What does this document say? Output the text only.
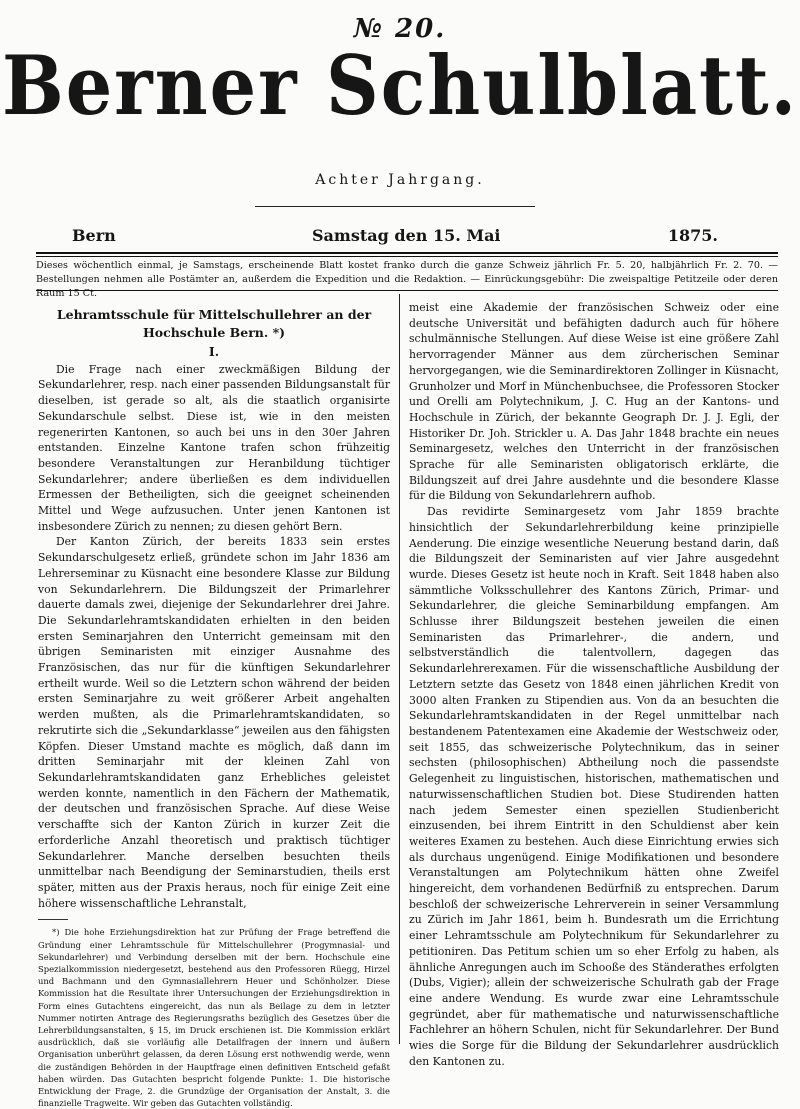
№ 20.
Berner Schulblatt.
Achter Jahrgang.
Bern	Samstag den 15. Mai	1875.
Dieses wöchentlich einmal, je Samstags, erscheinende Blatt kostet franko durch die ganze Schweiz jährlich Fr. 5. 20, halbjährlich Fr. 2. 70. — Bestellungen nehmen alle Postämter an, außerdem die Expedition und die Redaktion. — Einrückungsgebühr: Die zweispaltige Petitzeile oder deren Raum 15 Ct.
Lehramtsschule für Mittelschullehrer an der Hochschule Bern. *)
I.

Die Frage nach einer zweckmäßigen Bildung der Sekundarlehrer, resp. nach einer passenden Bildungsanstalt für dieselben, ist gerade so alt, als die staatlich organisirte Sekundarschule selbst. Diese ist, wie in den meisten regenerirten Kantonen, so auch bei uns in den 30er Jahren entstanden. Einzelne Kantone trafen schon frühzeitig besondere Veranstaltungen zur Heranbildung tüchtiger Sekundarlehrer; andere überließen es dem individuellen Ermessen der Betheiligten, sich die geeignet scheinenden Mittel und Wege aufzusuchen. Unter jenen Kantonen ist insbesondere Zürich zu nennen; zu diesen gehört Bern.

Der Kanton Zürich, der bereits 1833 sein erstes Sekundarschulgesetz erließ, gründete schon im Jahr 1836 am Lehrerseminar zu Küsnacht eine besondere Klasse zur Bildung von Sekundarlehrern. Die Bildungszeit der Primarlehrer dauerte damals zwei, diejenige der Sekundarlehrer drei Jahre. Die Sekundarlehramtskandidaten erhielten in den beiden ersten Seminarjahren den Unterricht gemeinsam mit den übrigen Seminaristen mit einziger Ausnahme des Französischen, das nur für die künftigen Sekundarlehrer ertheilt wurde. Weil so die Letztern schon während der beiden ersten Seminarjahre zu weit größerer Arbeit angehalten werden mußten, als die Primarlehramtskandidaten, so rekrutirte sich die „Sekundarklasse“ jeweilen aus den fähigsten Köpfen. Dieser Umstand machte es möglich, daß dann im dritten Seminarjahr mit der kleinen Zahl von Sekundarlehramtskandidaten ganz Erhebliches geleistet werden konnte, namentlich in den Fächern der Mathematik, der deutschen und französischen Sprache. Auf diese Weise verschaffte sich der Kanton Zürich in kurzer Zeit die erforderliche Anzahl theoretisch und praktisch tüchtiger Sekundarlehrer. Manche derselben besuchten theils unmittelbar nach Beendigung der Seminarstudien, theils erst später, mitten aus der Praxis heraus, noch für einige Zeit eine höhere wissenschaftliche Lehranstalt,

*) Die hohe Erziehungsdirektion hat zur Prüfung der Frage betreffend die Gründung einer Lehramtsschule für Mittelschullehrer (Progymnasial- und Sekundarlehrer) und Verbindung derselben mit der bern. Hochschule eine Spezialkommission niedergesetzt, bestehend aus den Professoren Rüegg, Hirzel und Bachmann und den Gymnasiallehrern Heuer und Schönholzer. Diese Kommission hat die Resultate ihrer Untersuchungen der Erziehungsdirektion in Form eines Gutachtens eingereicht, das nun als Beilage zu dem in letzter Nummer notirten Antrage des Regierungsraths bezüglich des Gesetzes über die Lehrerbildungsanstalten, § 15, im Druck erschienen ist. Die Kommission erklärt ausdrücklich, daß sie vorläufig alle Detailfragen der innern und äußern Organisation unberührt gelassen, da deren Lösung erst nothwendig werde, wenn die zuständigen Behörden in der Hauptfrage einen definitiven Entscheid gefaßt haben würden. Das Gutachten bespricht folgende Punkte: 1. Die historische Entwicklung der Frage, 2. die Grundzüge der Organisation der Anstalt, 3. die finanzielle Tragweite. Wir geben das Gutachten vollständig.

meist eine Akademie der französischen Schweiz oder eine deutsche Universität und befähigten dadurch auch für höhere schulmännische Stellungen. Auf diese Weise ist eine größere Zahl hervorragender Männer aus dem zürcherischen Seminar hervorgegangen, wie die Seminardirektoren Zollinger in Küsnacht, Grunholzer und Morf in Münchenbuchsee, die Professoren Stocker und Orelli am Polytechnikum, J. C. Hug an der Kantons- und Hochschule in Zürich, der bekannte Geograph Dr. J. J. Egli, der Historiker Dr. Joh. Strickler u. A. Das Jahr 1848 brachte ein neues Seminargesetz, welches den Unterricht in der französischen Sprache für alle Seminaristen obligatorisch erklärte, die Bildungszeit auf drei Jahre ausdehnte und die besondere Klasse für die Bildung von Sekundarlehrern aufhob.

Das revidirte Seminargesetz vom Jahr 1859 brachte hinsichtlich der Sekundarlehrerbildung keine prinzipielle Aenderung. Die einzige wesentliche Neuerung bestand darin, daß die Bildungszeit der Seminaristen auf vier Jahre ausgedehnt wurde. Dieses Gesetz ist heute noch in Kraft. Seit 1848 haben also sämmtliche Volksschullehrer des Kantons Zürich, Primar- und Sekundarlehrer, die gleiche Seminarbildung empfangen. Am Schlusse ihrer Bildungszeit bestehen jeweilen die einen Seminaristen das Primarlehrer-, die andern, und selbstverständlich die talentvollern, dagegen das Sekundarlehrerexamen. Für die wissenschaftliche Ausbildung der Letztern setzte das Gesetz von 1848 einen jährlichen Kredit von 3000 alten Franken zu Stipendien aus. Von da an besuchten die Sekundarlehramtskandidaten in der Regel unmittelbar nach bestandenem Patentexamen eine Akademie der Westschweiz oder, seit 1855, das schweizerische Polytechnikum, das in seiner sechsten (philosophischen) Abtheilung noch die passendste Gelegenheit zu linguistischen, historischen, mathematischen und naturwissenschaftlichen Studien bot. Diese Studirenden hatten nach jedem Semester einen speziellen Studienbericht einzusenden, bei ihrem Eintritt in den Schuldienst aber kein weiteres Examen zu bestehen. Auch diese Einrichtung erwies sich als durchaus ungenügend. Einige Modifikationen und besondere Veranstaltungen am Polytechnikum hätten ohne Zweifel hingereicht, dem vorhandenen Bedürfniß zu entsprechen. Darum beschloß der schweizerische Lehrerverein in seiner Versammlung zu Zürich im Jahr 1861, beim h. Bundesrath um die Errichtung einer Lehramtsschule am Polytechnikum für Sekundarlehrer zu petitioniren. Das Petitum schien um so eher Erfolg zu haben, als ähnliche Anregungen auch im Schooße des Ständerathes erfolgten (Dubs, Vigier); allein der schweizerische Schulrath gab der Frage eine andere Wendung. Es wurde zwar eine Lehramtsschule gegründet, aber für mathematische und naturwissenschaftliche Fachlehrer an höhern Schulen, nicht für Sekundarlehrer. Der Bund wies die Sorge für die Bildung der Sekundarlehrer ausdrücklich den Kantonen zu.
